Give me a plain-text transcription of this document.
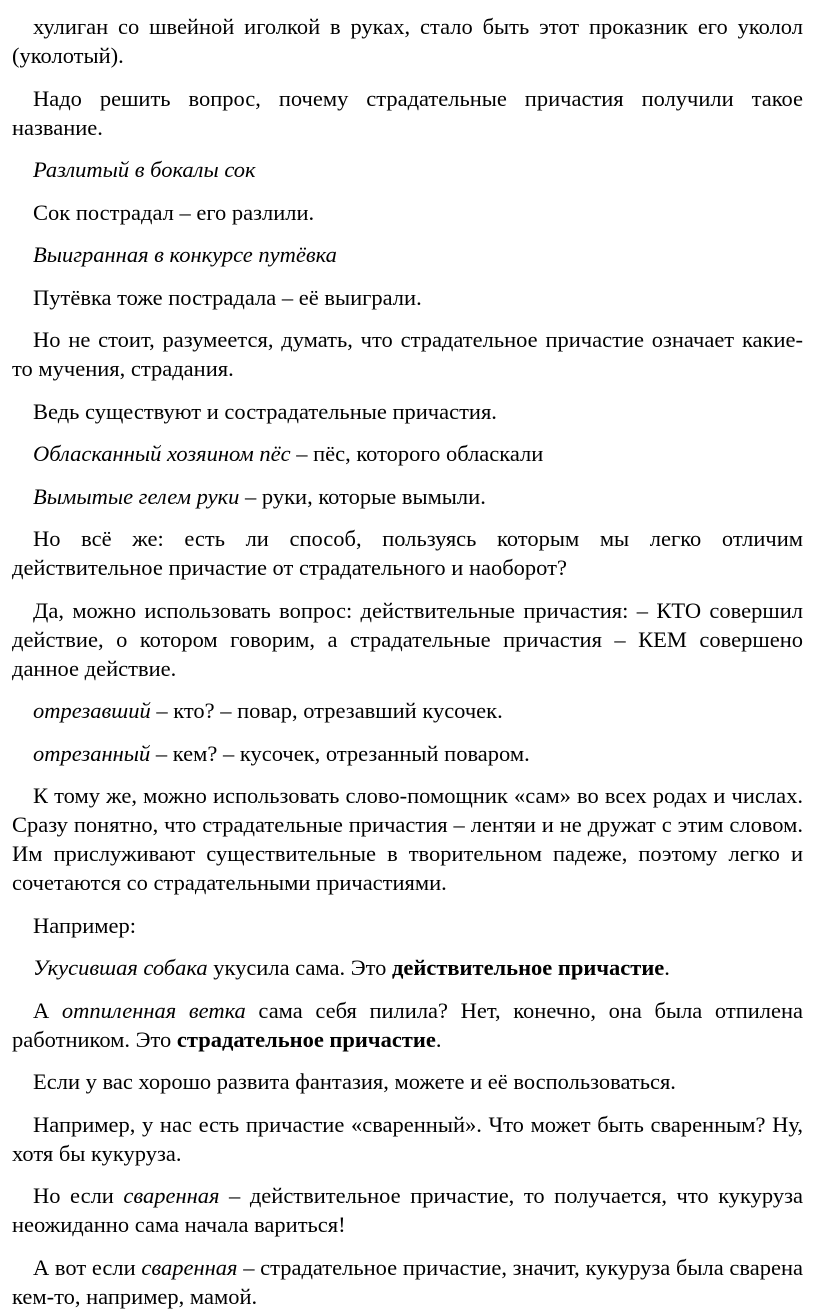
хулиган со швейной иголкой в руках, стало быть этот проказник его уколол (уколотый).

Надо решить вопрос, почему страдательные причастия получили такое название.

Разлитый в бокалы сок

Сок пострадал – его разлили.

Выигранная в конкурсе путёвка

Путёвка тоже пострадала – её выиграли.

Но не стоит, разумеется, думать, что страдательное причастие означает какие-то мучения, страдания.

Ведь существуют и сострадательные причастия.

Обласканный хозяином пёс – пёс, которого обласкали

Вымытые гелем руки – руки, которые вымыли.

Но всё же: есть ли способ, пользуясь которым мы легко отличим действительное причастие от страдательного и наоборот?

Да, можно использовать вопрос: действительные причастия: – КТО совершил действие, о котором говорим, а страдательные причастия – КЕМ совершено данное действие.

отрезавший – кто? – повар, отрезавший кусочек.

отрезанный – кем? – кусочек, отрезанный поваром.

К тому же, можно использовать слово-помощник «сам» во всех родах и числах. Сразу понятно, что страдательные причастия – лентяи и не дружат с этим словом. Им прислуживают существительные в творительном падеже, поэтому легко и сочетаются со страдательными причастиями.

Например:

Укусившая собака укусила сама. Это действительное причастие.

А отпиленная ветка сама себя пилила? Нет, конечно, она была отпилена работником. Это страдательное причастие.

Если у вас хорошо развита фантазия, можете и её воспользоваться.

Например, у нас есть причастие «сваренный». Что может быть сваренным? Ну, хотя бы кукуруза.

Но если сваренная – действительное причастие, то получается, что кукуруза неожиданно сама начала вариться!

А вот если сваренная – страдательное причастие, значит, кукуруза была сварена кем-то, например, мамой.
